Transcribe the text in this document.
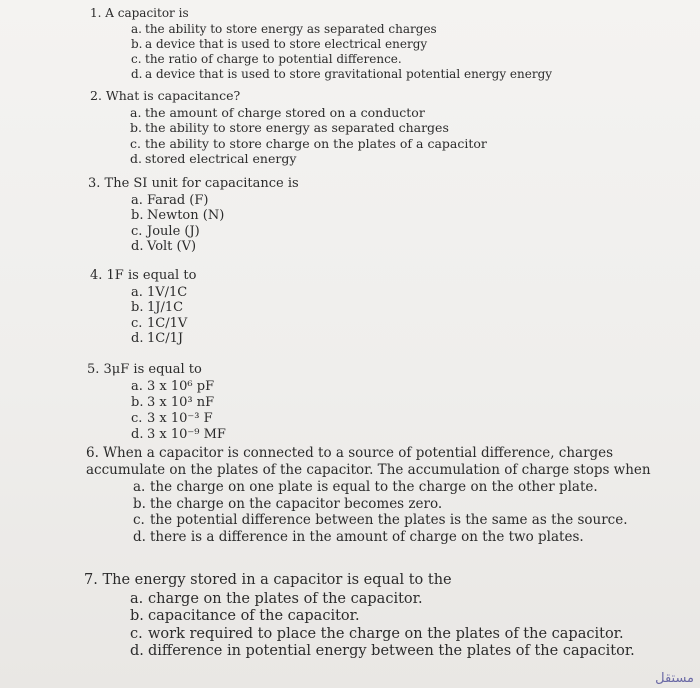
1. A capacitor is
a. the ability to store energy as separated charges
b. a device that is used to store electrical energy
c. the ratio of charge to potential difference.
d. a device that is used to store gravitational potential energy energy
2. What is capacitance?
a. the amount of charge stored on a conductor
b. the ability to store energy as separated charges
c. the ability to store charge on the plates of a capacitor
d. stored electrical energy
3. The SI unit for capacitance is
a. Farad (F)
b. Newton (N)
c. Joule (J)
d. Volt (V)
4. 1F is equal to
a. 1V/1C
b. 1J/1C
c. 1C/1V
d. 1C/1J
5. 3μF is equal to
a. 3 x 10⁶ pF
b. 3 x 10³ nF
c. 3 x 10⁻³ F
d. 3 x 10⁻⁹ MF
6. When a capacitor is connected to a source of potential difference, charges accumulate on the plates of the capacitor. The accumulation of charge stops when
a. the charge on one plate is equal to the charge on the other plate.
b. the charge on the capacitor becomes zero.
c. the potential difference between the plates is the same as the source.
d. there is a difference in the amount of charge on the two plates.
7. The energy stored in a capacitor is equal to the
a. charge on the plates of the capacitor.
b. capacitance of the capacitor.
c. work required to place the charge on the plates of the capacitor.
d. difference in potential energy between the plates of the capacitor.
مستقل
